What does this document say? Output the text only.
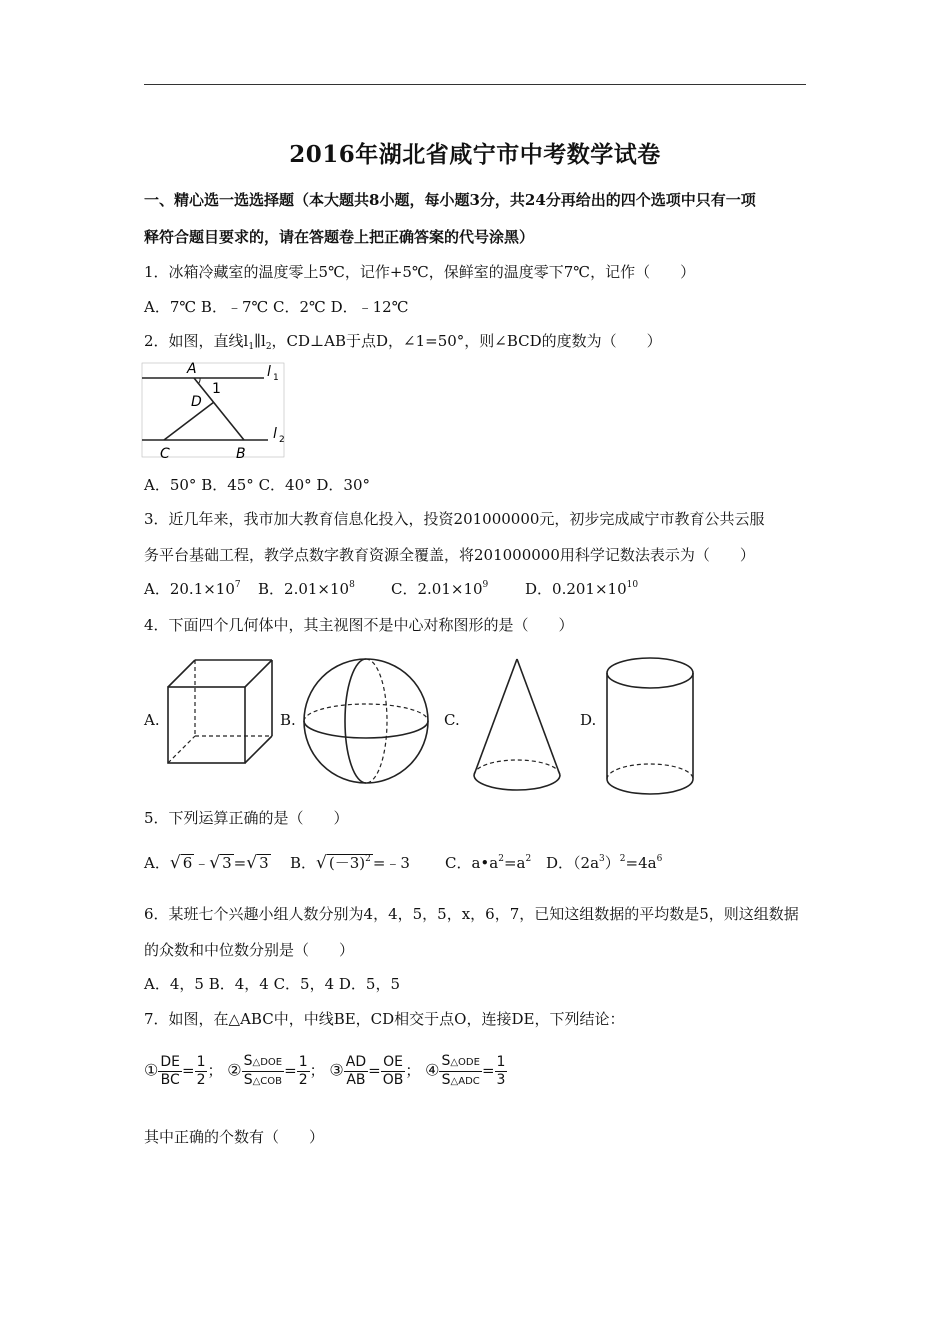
2016年湖北省咸宁市中考数学试卷
一、精心选一选选择题（本大题共8小题，每小题3分，共24分再给出的四个选项中只有一项
释符合题目要求的，请在答题卷上把正确答案的代号涂黑）
1．冰箱冷藏室的温度零上5℃，记作+5℃，保鲜室的温度零下7℃，记作（　　）
A．7℃ B．﹣7℃ C．2℃ D．﹣12℃
2．如图，直线$l_1\parallel l_2$，CD⊥AB于点D，∠1=50°，则∠BCD的度数为（　　）
A
1
D
C	B
l 1
l 2
A．50° B．45° C．40° D．30°
3．近几年来，我市加大教育信息化投入，投资201000000元，初步完成咸宁市教育公共云服
务平台基础工程，教学点数字教育资源全覆盖，将201000000用科学记数法表示为（　　）
A．$20.1\times 10^7$ B．$2.01\times 10^8$ C．$2.01\times 10^9$ D．$0.201\times 10^{10}$
4．下面四个几何体中，其主视图不是中心对称图形的是（　　）
A.	B.	C.	D.
5．下列运算正确的是（　　）
A．√ 6 ﹣√ 3 =√ 3 B．√ $(-3)^2$ =﹣3 C．$a•a^2=a^2$ D．$(2a^3)^2=4a^6$
6．某班七个兴趣小组人数分别为4，4，5，5，x，6，7，已知这组数据的平均数是5，则这组数据
的众数和中位数分别是（　　）
A．4，5 B．4，4 C．5，4 D．5，5
7．如图，在△ABC中，中线BE，CD相交于点O，连接DE，下列结论：
① $\frac{DE}{BC} = \frac{1}{2}$ ； ② $\frac{\text{S△DOE}}{\text{S△COB}} = \frac{1}{2}$ ； ③ $\frac{AD}{AB} = \frac{OE}{OB}$ ； ④ $\frac{\text{S△ODE}}{\text{S△ADC}} = \frac{1}{3}$
其中正确的个数有（　　）
